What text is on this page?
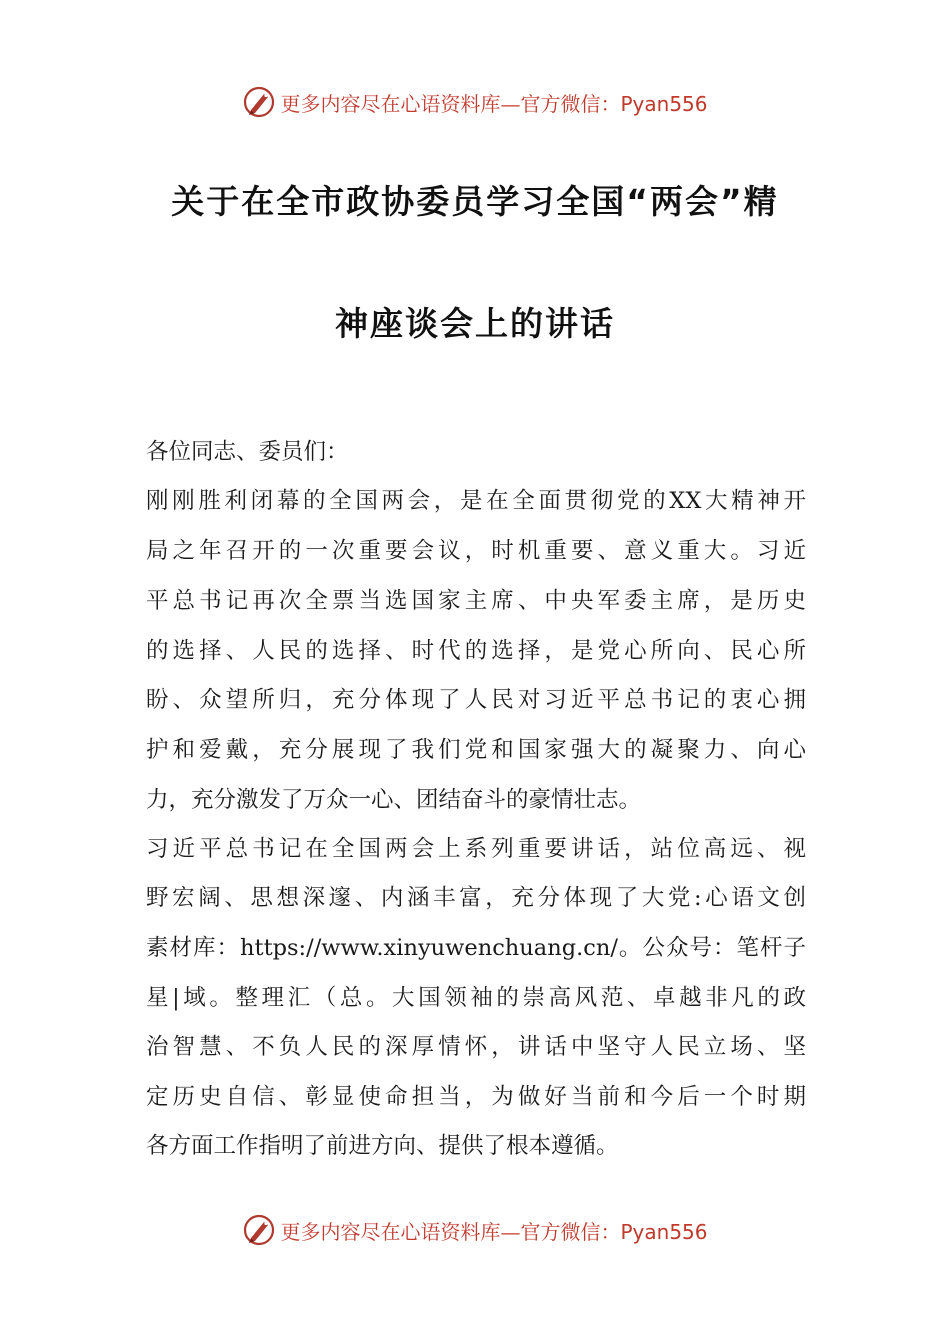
更多内容尽在心语资料库—官方微信：Pyan556
关于在全市政协委员学习全国“两会”精
神座谈会上的讲话
各位同志、委员们：
刚刚胜利闭幕的全国两会，是在全面贯彻党的XX大精神开
局之年召开的一次重要会议，时机重要、意义重大。习近
平总书记再次全票当选国家主席、中央军委主席，是历史
的选择、人民的选择、时代的选择，是党心所向、民心所
盼、众望所归，充分体现了人民对习近平总书记的衷心拥
护和爱戴，充分展现了我们党和国家强大的凝聚力、向心
力，充分激发了万众一心、团结奋斗的豪情壮志。
习近平总书记在全国两会上系列重要讲话，站位高远、视
野宏阔、思想深邃、内涵丰富，充分体现了大党:心语文创
素材库：https://www.xinyuwenchuang.cn/。公众号：笔杆子
星|域。整理汇（总。大国领袖的崇高风范、卓越非凡的政
治智慧、不负人民的深厚情怀，讲话中坚守人民立场、坚
定历史自信、彰显使命担当，为做好当前和今后一个时期
各方面工作指明了前进方向、提供了根本遵循。
更多内容尽在心语资料库—官方微信：Pyan556
